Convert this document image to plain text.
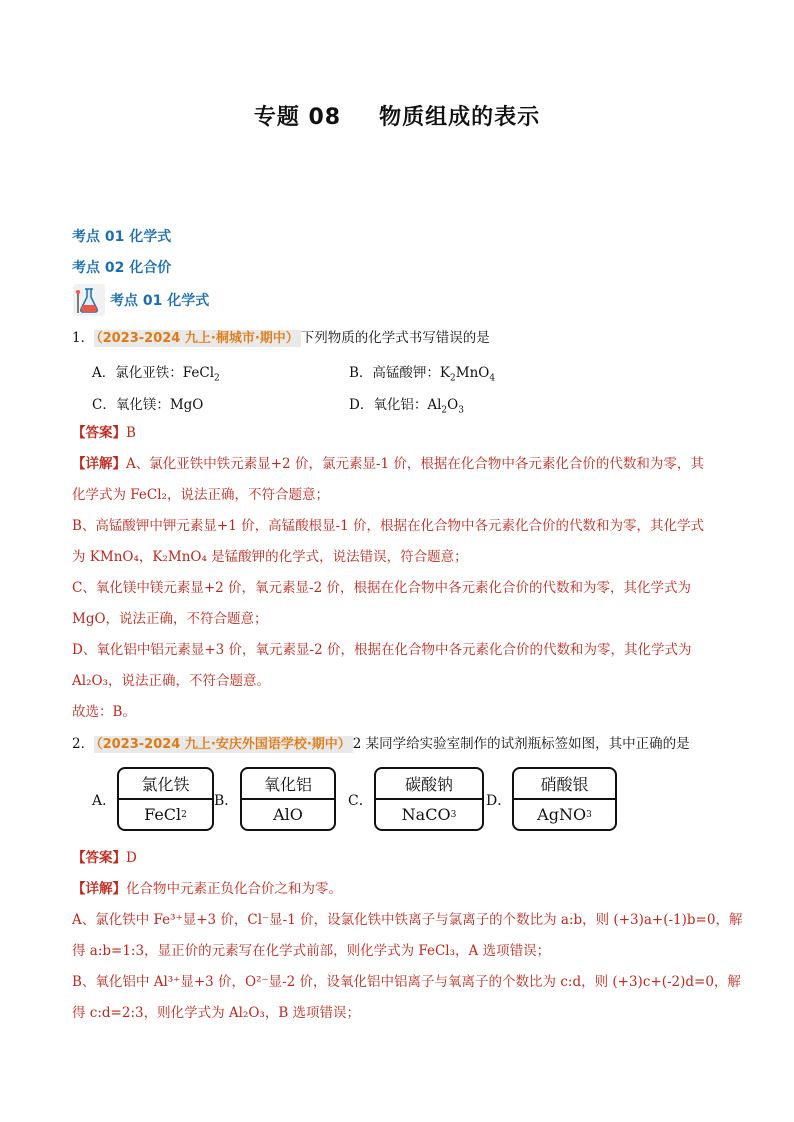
专题 08 物质组成的表示
考点 01 化学式
考点 02 化合价
考点 01 化学式
1． （2023-2024 九上·桐城市·期中） 下列物质的化学式书写错误的是
A．氯化亚铁：FeCl$_2$	B．高锰酸钾：$K_2MnO_4$
C．氧化镁：MgO	D．氧化铝：$Al_2O_3$
【答案】B
【详解】A、氯化亚铁中铁元素显+2 价，氯元素显-1 价，根据在化合物中各元素化合价的代数和为零，其
化学式为 FeCl₂，说法正确，不符合题意；
B、高锰酸钾中钾元素显+1 价，高锰酸根显-1 价，根据在化合物中各元素化合价的代数和为零，其化学式
为 KMnO₄，K₂MnO₄ 是锰酸钾的化学式，说法错误，符合题意；
C、氧化镁中镁元素显+2 价，氧元素显-2 价，根据在化合物中各元素化合价的代数和为零，其化学式为
MgO，说法正确，不符合题意；
D、氧化铝中铝元素显+3 价，氧元素显-2 价，根据在化合物中各元素化合价的代数和为零，其化学式为
Al₂O₃，说法正确，不符合题意。
故选：B。
2． （2023-2024 九上·安庆外国语学校·期中） 2 某同学给实验室制作的试剂瓶标签如图，其中正确的是
A．
氯化铁
FeCl 2
B．
氧化铝
AlO
C．
碳酸钠
NaCO 3
D．
硝酸银
AgNO 3
【答案】D
【详解】化合物中元素正负化合价之和为零。
A、氯化铁中 Fe³⁺显+3 价，Cl⁻显-1 价，设氯化铁中铁离子与氯离子的个数比为 a:b，则 (+3)a+(-1)b=0，解
得 a:b=1:3，显正价的元素写在化学式前部，则化学式为 FeCl₃，A 选项错误；
B、氧化铝中 Al³⁺显+3 价，O²⁻显-2 价，设氧化铝中铝离子与氧离子的个数比为 c:d，则 (+3)c+(-2)d=0，解
得 c:d=2:3，则化学式为 Al₂O₃，B 选项错误；
